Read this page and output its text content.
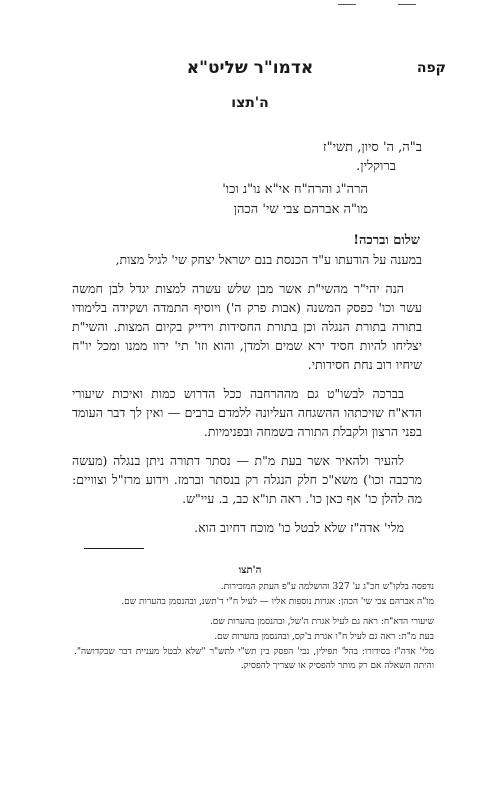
אדמו"ר שליט"א	קפה
ה'תצו
ב"ה, ה' סיון, תשי"ז
ברוקלין.
הרה"ג והרה"ח אי"א נו"נ וכו'
מו"ה אברהם צבי שי' הכהן
שלום וברכה!

במענה על הודעתו ע"ד הכנסת בנם ישראל יצחק שי' לגיל מצות,

הנה יהי"ר מהשי"ת אשר מבן שלש עשרה למצות יגדל לבן חמשה עשר וכו' כפסק המשנה (אבות פרק ה') ויוסיף התמדה ושקידה בלימודו בתורה בתורת הנגלה וכן בתורת החסידות וידייק בקיום המצות. והשי"ת יצליחו להיות חסיד ירא שמים ולמדן, והוא וזו' תי' ירוו ממנו ומכל יו"ח שיחיו רוב נחת חסידותי.

בברכה לבשו"ט גם מההרחבה ככל הדרוש כמות ואיכות שיעורי הדא"ח שזיכתהו ההשגחה העליונה ללמדם ברבים — ואין לך דבר העומד בפני הרצון ולקבלת התורה בשמחה ובפנימיות.

להעיר ולהאיר אשר בעת מ"ת — נסתר דתורה ניתן בנגלה (מעשה מרכבה וכו') משא"כ חלק הנגלה רק בנסתר וברמז. וידוע מרז"ל וצוויים: מה להלן כו' אף כאן כו'. ראה תו"א כב, ב. עיי"ש.

מלי' אדה"ז שלא לבטל כו' מוכח דחיוב הוא.

ה'תצו
נדפסה בלקו"ש חכ"ג ע' 327 והושלמה ע"פ העתק המזכירות.
מו"ה אברהם צבי שי' הכהן: אגרות נוספות אליו — לעיל ח"י ד'תשנ, ובהנסמן בהערות שם.
שיעורי הדא"ח: ראה גם לעיל אגרת ה'של, ובהנסמן בהערות שם.
בעת מ"ת: ראה גם לעיל ח"ו אגרת ב'קס, ובהנסמן בהערות שם.
מלי' אדה"ז בסידורו: בהל' תפילין, נבי' הפסק בין תש"י לתש"ר "שלא לבטל מעניית דבר שבקדושה". והיתה השאלה אם רק מותר להפסיק או שצריך להפסיק.
